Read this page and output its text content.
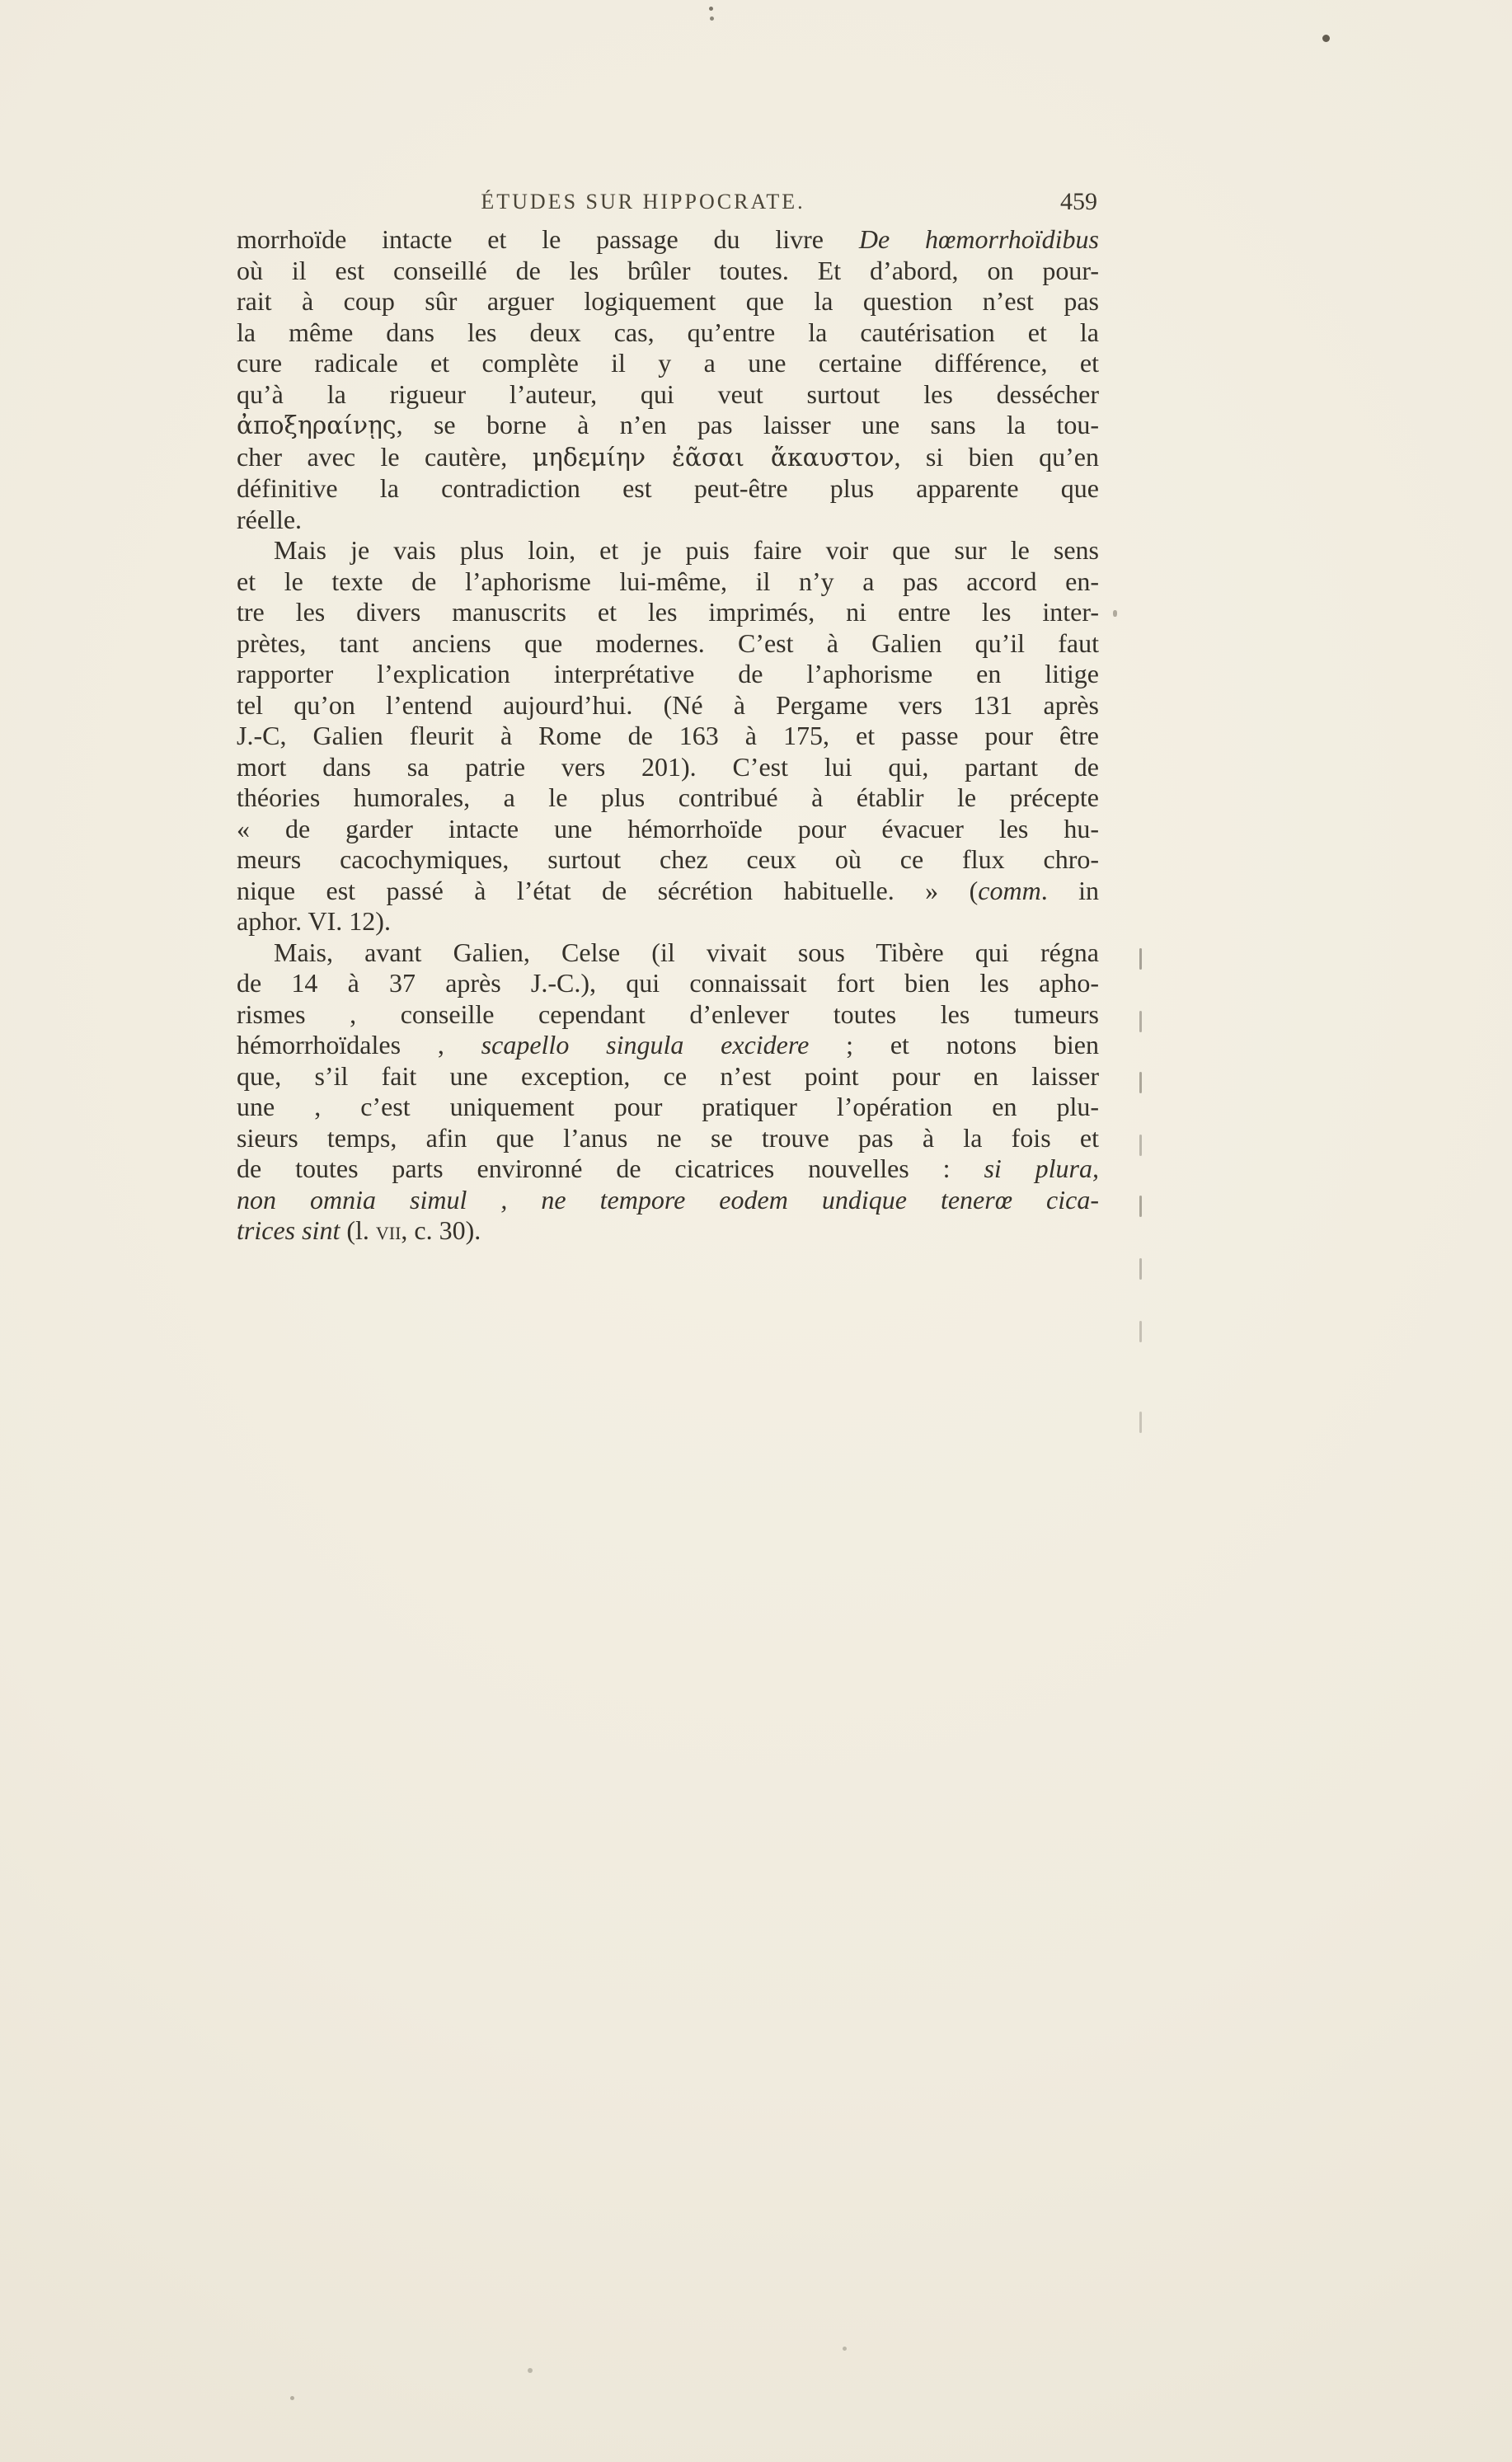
ÉTUDES SUR HIPPOCRATE.	459
morrhoïde intacte et le passage du livre De hœmorrhoïdibus
où il est conseillé de les brûler toutes. Et d’abord, on pour-
rait à coup sûr arguer logiquement que la question n’est pas
la même dans les deux cas, qu’entre la cautérisation et la
cure radicale et complète il y a une certaine différence, et
qu’à la rigueur l’auteur, qui veut surtout les dessécher
ἀποξηραίνῃς, se borne à n’en pas laisser une sans la tou-
cher avec le cautère, μηδεμίην ἐᾶσαι ἄκαυστον, si bien qu’en
définitive la contradiction est peut-être plus apparente que
réelle.
Mais je vais plus loin, et je puis faire voir que sur le sens
et le texte de l’aphorisme lui-même, il n’y a pas accord en-
tre les divers manuscrits et les imprimés, ni entre les inter-
prètes, tant anciens que modernes. C’est à Galien qu’il faut
rapporter l’explication interprétative de l’aphorisme en litige
tel qu’on l’entend aujourd’hui. (Né à Pergame vers 131 après
J.-C, Galien fleurit à Rome de 163 à 175, et passe pour être
mort dans sa patrie vers 201). C’est lui qui, partant de
théories humorales, a le plus contribué à établir le précepte
« de garder intacte une hémorrhoïde pour évacuer les hu-
meurs cacochymiques, surtout chez ceux où ce flux chro-
nique est passé à l’état de sécrétion habituelle. » (comm. in
aphor. VI. 12).
Mais, avant Galien, Celse (il vivait sous Tibère qui régna
de 14 à 37 après J.-C.), qui connaissait fort bien les apho-
rismes , conseille cependant d’enlever toutes les tumeurs
hémorrhoïdales , scapello singula excidere ; et notons bien
que, s’il fait une exception, ce n’est point pour en laisser
une , c’est uniquement pour pratiquer l’opération en plu-
sieurs temps, afin que l’anus ne se trouve pas à la fois et
de toutes parts environné de cicatrices nouvelles : si plura,
non omnia simul , ne tempore eodem undique tenerœ cica-
trices sint (l. vii, c. 30).
